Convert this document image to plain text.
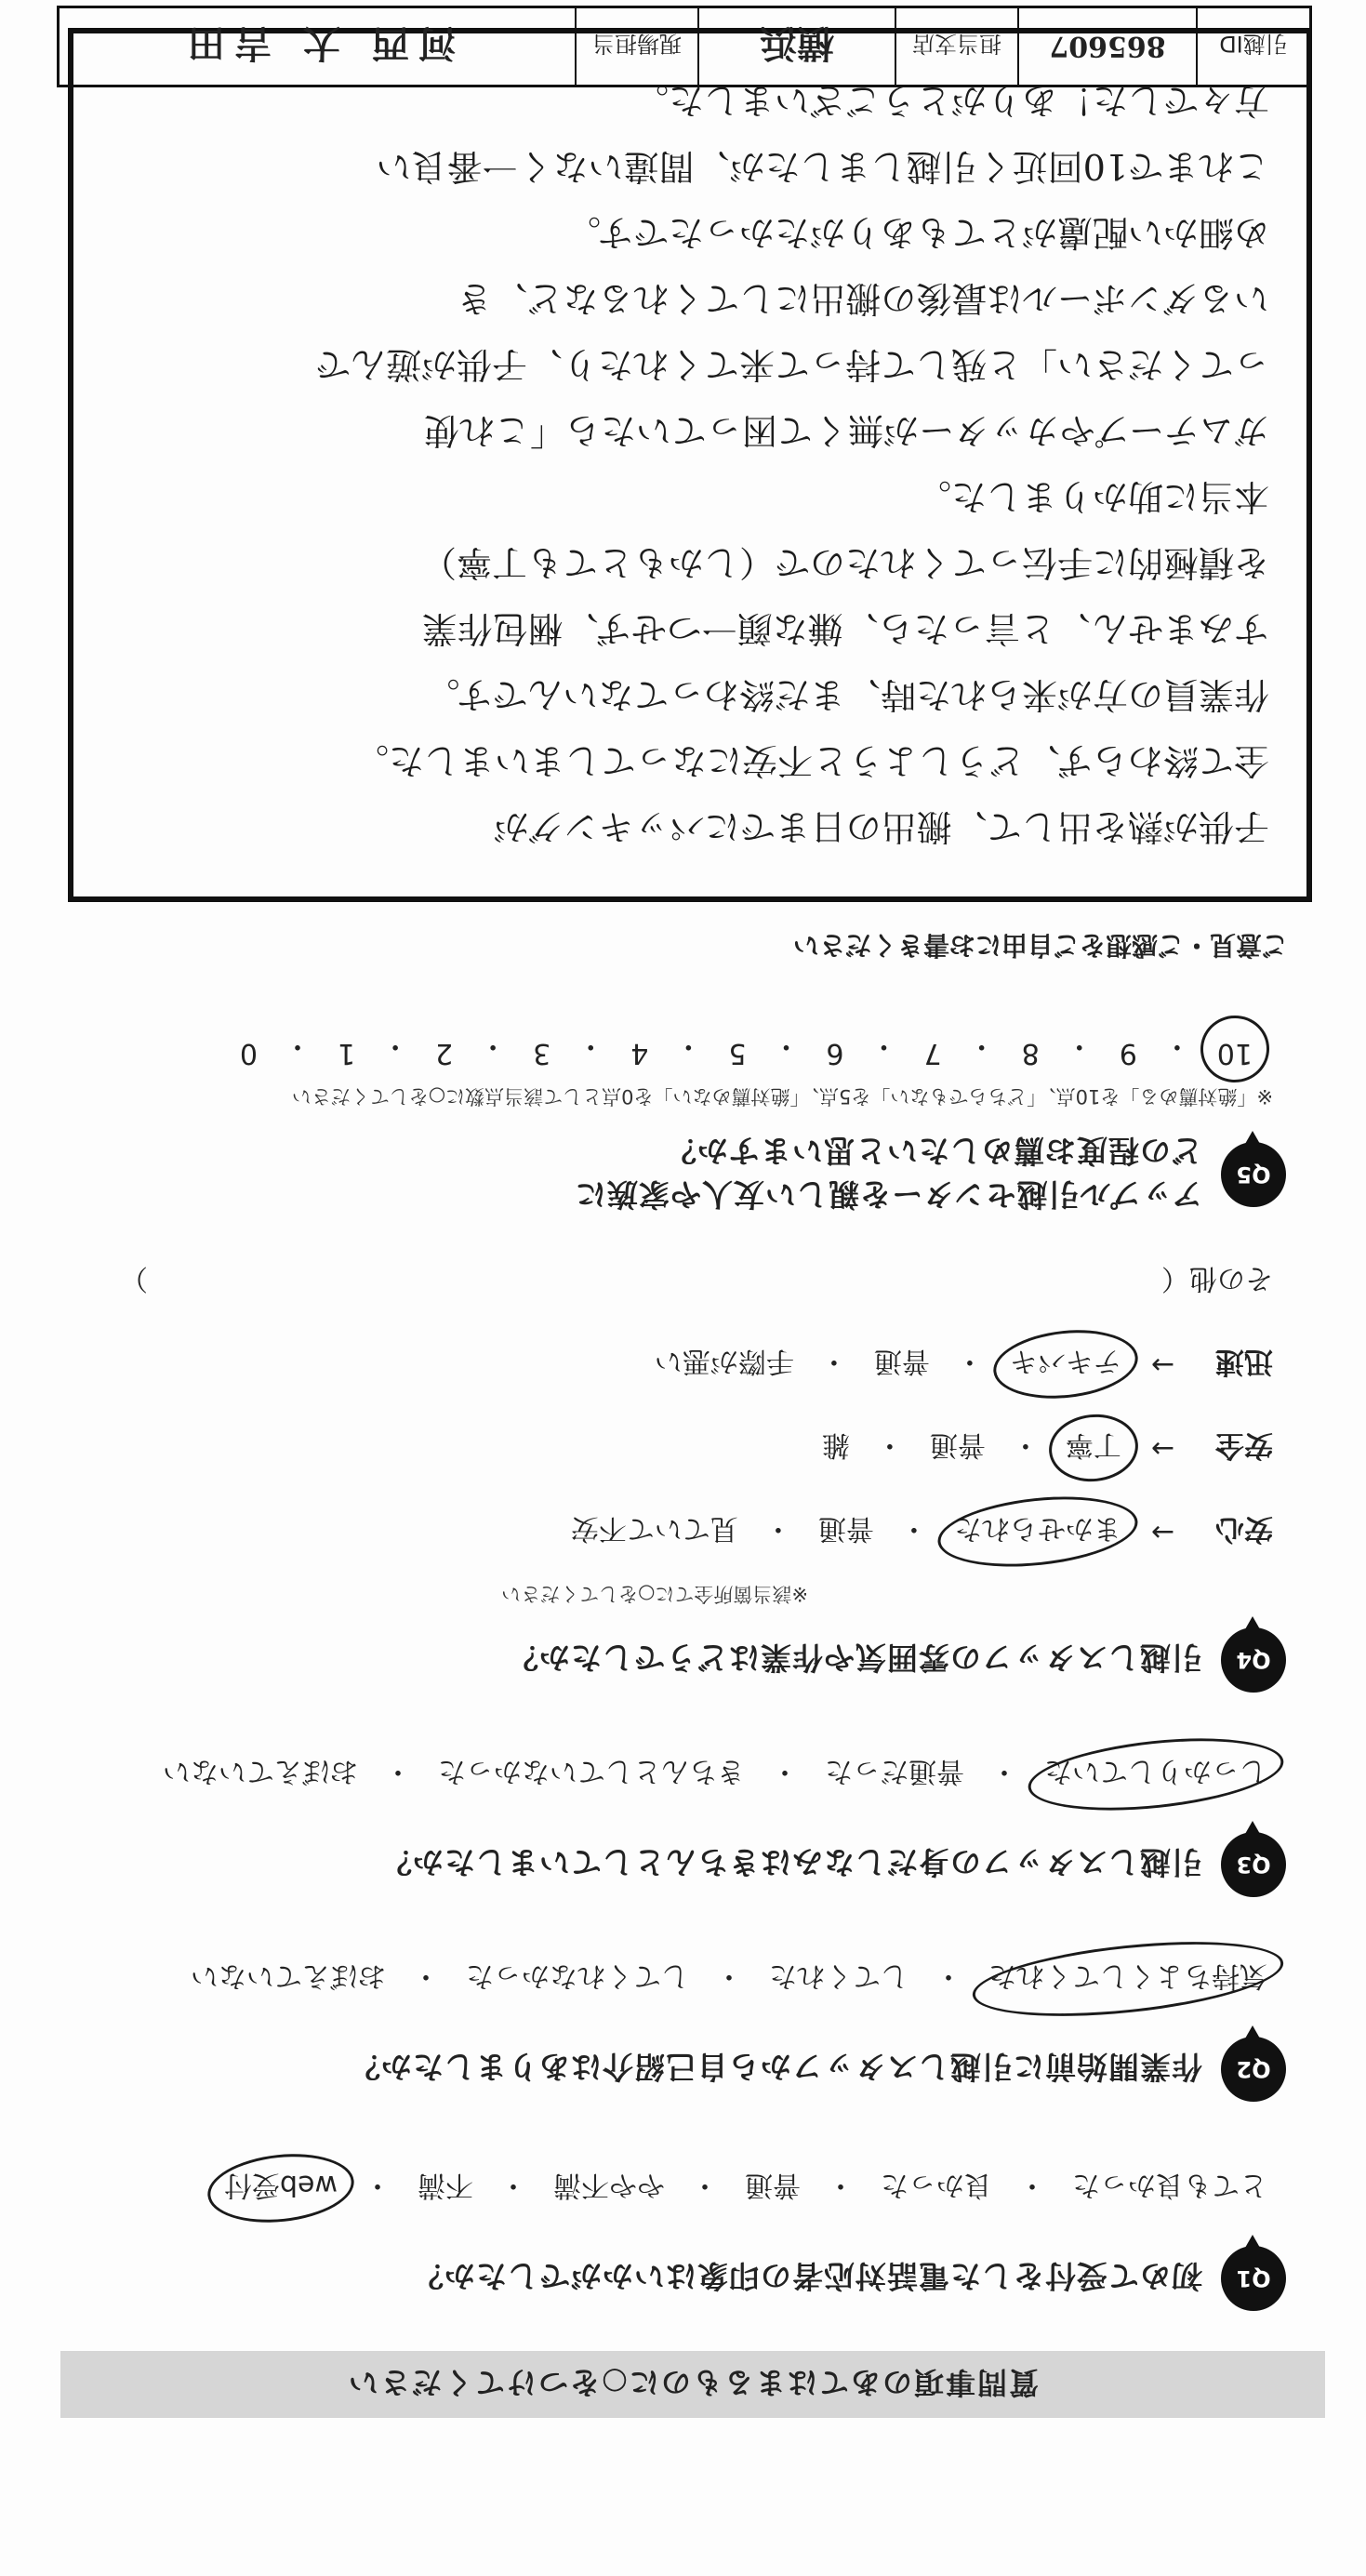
質問事項のあてはまるものに○をつけてください
Q1
初めて受付をした電話対応者の印象はいかがでしたか？
とても良かった
・
良かった
・
普通
・
やや不満
・
不満
・
web受付
Q2
作業開始前に引越しスタッフから自己紹介はありましたか？
気持ちよくしてくれた
・
してくれた
・
してくれなかった
・
おぼえていない
Q3
引越しスタッフの身だしなみはきちんとしていましたか？
しっかりしていた
・
普通だった
・
きちんとしていなかった
・
おぼえていない
Q4
引越しスタッフの雰囲気や作業はどうでしたか？
※該当箇所全てに○をしてください
安心
→
まかせられた
・
普通
・
見ていて不安
安全
→
丁寧
・
普通
・
雑
迅速
→
テキパキ
・
普通
・
手際が悪い
その他（
）
Q5
アップル引越センターを親しい友人や家族に
どの程度お薦めしたいと思いますか？
※「絶対薦める」を10点、「どちらでもない」を5点、「絶対薦めない」を0点として該当点数に○をしてください
10
・
9
・
8
・
7
・
6
・
5
・
4
・
3
・
2
・
1
・
0
ご意見・ご感想をご自由にお書きください
子供が熱を出して、搬出の日までにパッキングが
全て終わらず、どうしようと不安になってしまいました。
作業員の方が来られた時、まだ終わってないんです。
すみません、と言ったら、嫌な顔一つせず、梱包作業
を積極的に手伝ってくれたので（しかもとても丁寧）
本当に助かりました。
ガムテープやカッターが無くて困っていたら「これ使
ってください」と残して持って来てくれたり、子供が遊んで
いるダンボールは最後の搬出にしてくれるなど、き
め細かい配慮がとてもありがたかったです。
これまで10回近く引越しましたが、間違いなく一番良い
方々でした！ありがとうございました。
引越ID
865607
担当支店
横浜
現場担当
河西 大 吉田
